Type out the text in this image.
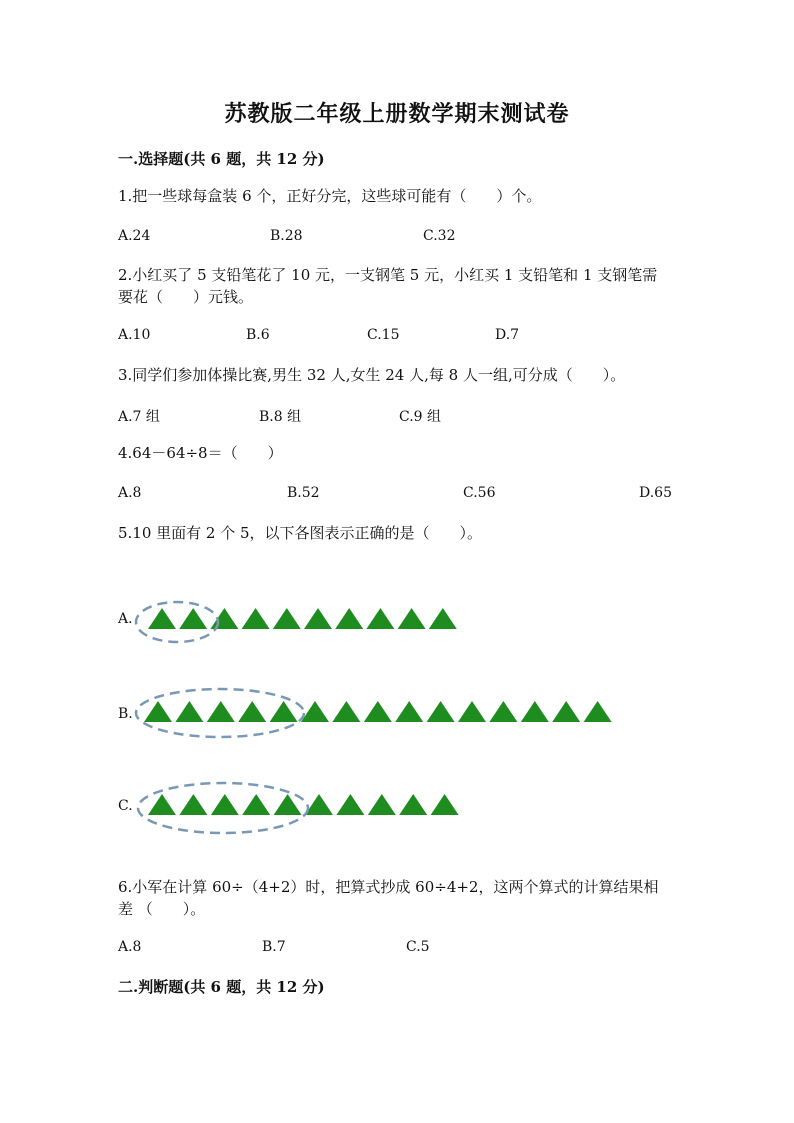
苏教版二年级上册数学期末测试卷
一.选择题(共 6 题，共 12 分)
1.把一些球每盒装 6 个，正好分完，这些球可能有（　　）个。
A.24	B.28	C.32
2.小红买了 5 支铅笔花了 10 元，一支钢笔 5 元，小红买 1 支铅笔和 1 支钢笔需
要花（　　）元钱。
A.10	B.6	C.15	D.7
3.同学们参加体操比赛,男生 32 人,女生 24 人,每 8 人一组,可分成（　　）。
A.7 组	B.8 组	C.9 组
4.64－64÷8＝（　　）
A.8	B.52	C.56	D.65
5.10 里面有 2 个 5，以下各图表示正确的是（　　）。
A.
B.
C.
6.小军在计算 60÷（4+2）时，把算式抄成 60÷4+2，这两个算式的计算结果相
差 （　　）。
A.8	B.7	C.5
二.判断题(共 6 题，共 12 分)
